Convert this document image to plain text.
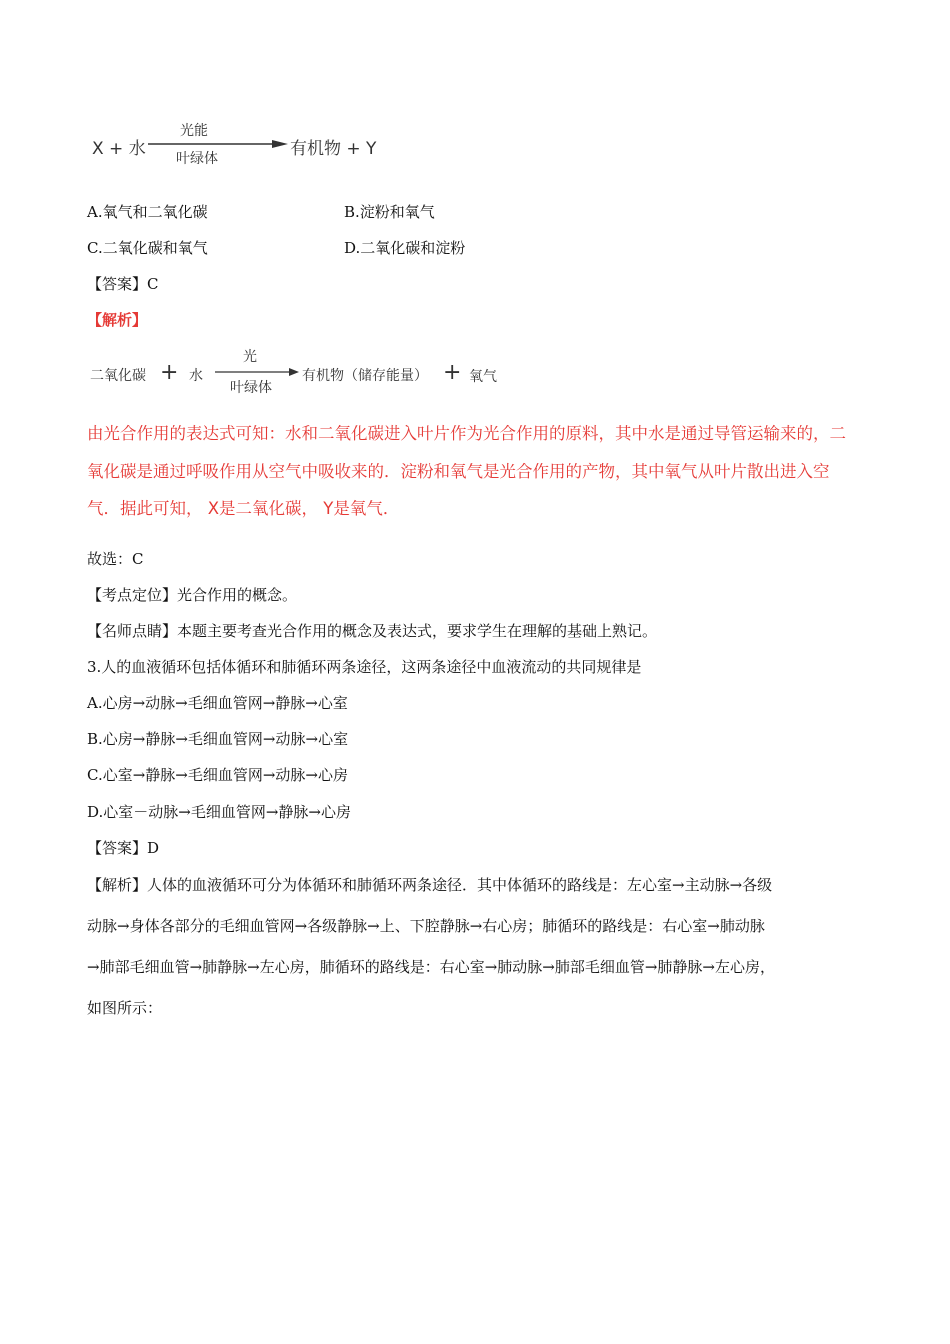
X + 水
光能
叶绿体	有机物 + Y
A.氧气和二氧化碳	B.淀粉和氧气
C.二氧化碳和氧气	D.二氧化碳和淀粉
【答案】C
【解析】
二氧化碳 + 水
光
叶绿体
有机物（储存能量） + 氧气
由光合作用的表达式可知：水和二氧化碳进入叶片作为光合作用的原料，其中水是通过导管运输来的，二
氧化碳是通过呼吸作用从空气中吸收来的．淀粉和氧气是光合作用的产物，其中氧气从叶片散出进入空
气．据此可知， X是二氧化碳， Y是氧气．
故选：C
【考点定位】光合作用的概念。
【名师点睛】本题主要考查光合作用的概念及表达式，要求学生在理解的基础上熟记。
3.人的血液循环包括体循环和肺循环两条途径，这两条途径中血液流动的共同规律是
A.心房→动脉→毛细血管网→静脉→心室
B.心房→静脉→毛细血管网→动脉→心室
C.心室→静脉→毛细血管网→动脉→心房
D.心室－动脉→毛细血管网→静脉→心房
【答案】D
【解析】人体的血液循环可分为体循环和肺循环两条途径．其中体循环的路线是：左心室→主动脉→各级
动脉→身体各部分的毛细血管网→各级静脉→上、下腔静脉→右心房；肺循环的路线是：右心室→肺动脉
→肺部毛细血管→肺静脉→左心房，肺循环的路线是：右心室→肺动脉→肺部毛细血管→肺静脉→左心房，
如图所示：
